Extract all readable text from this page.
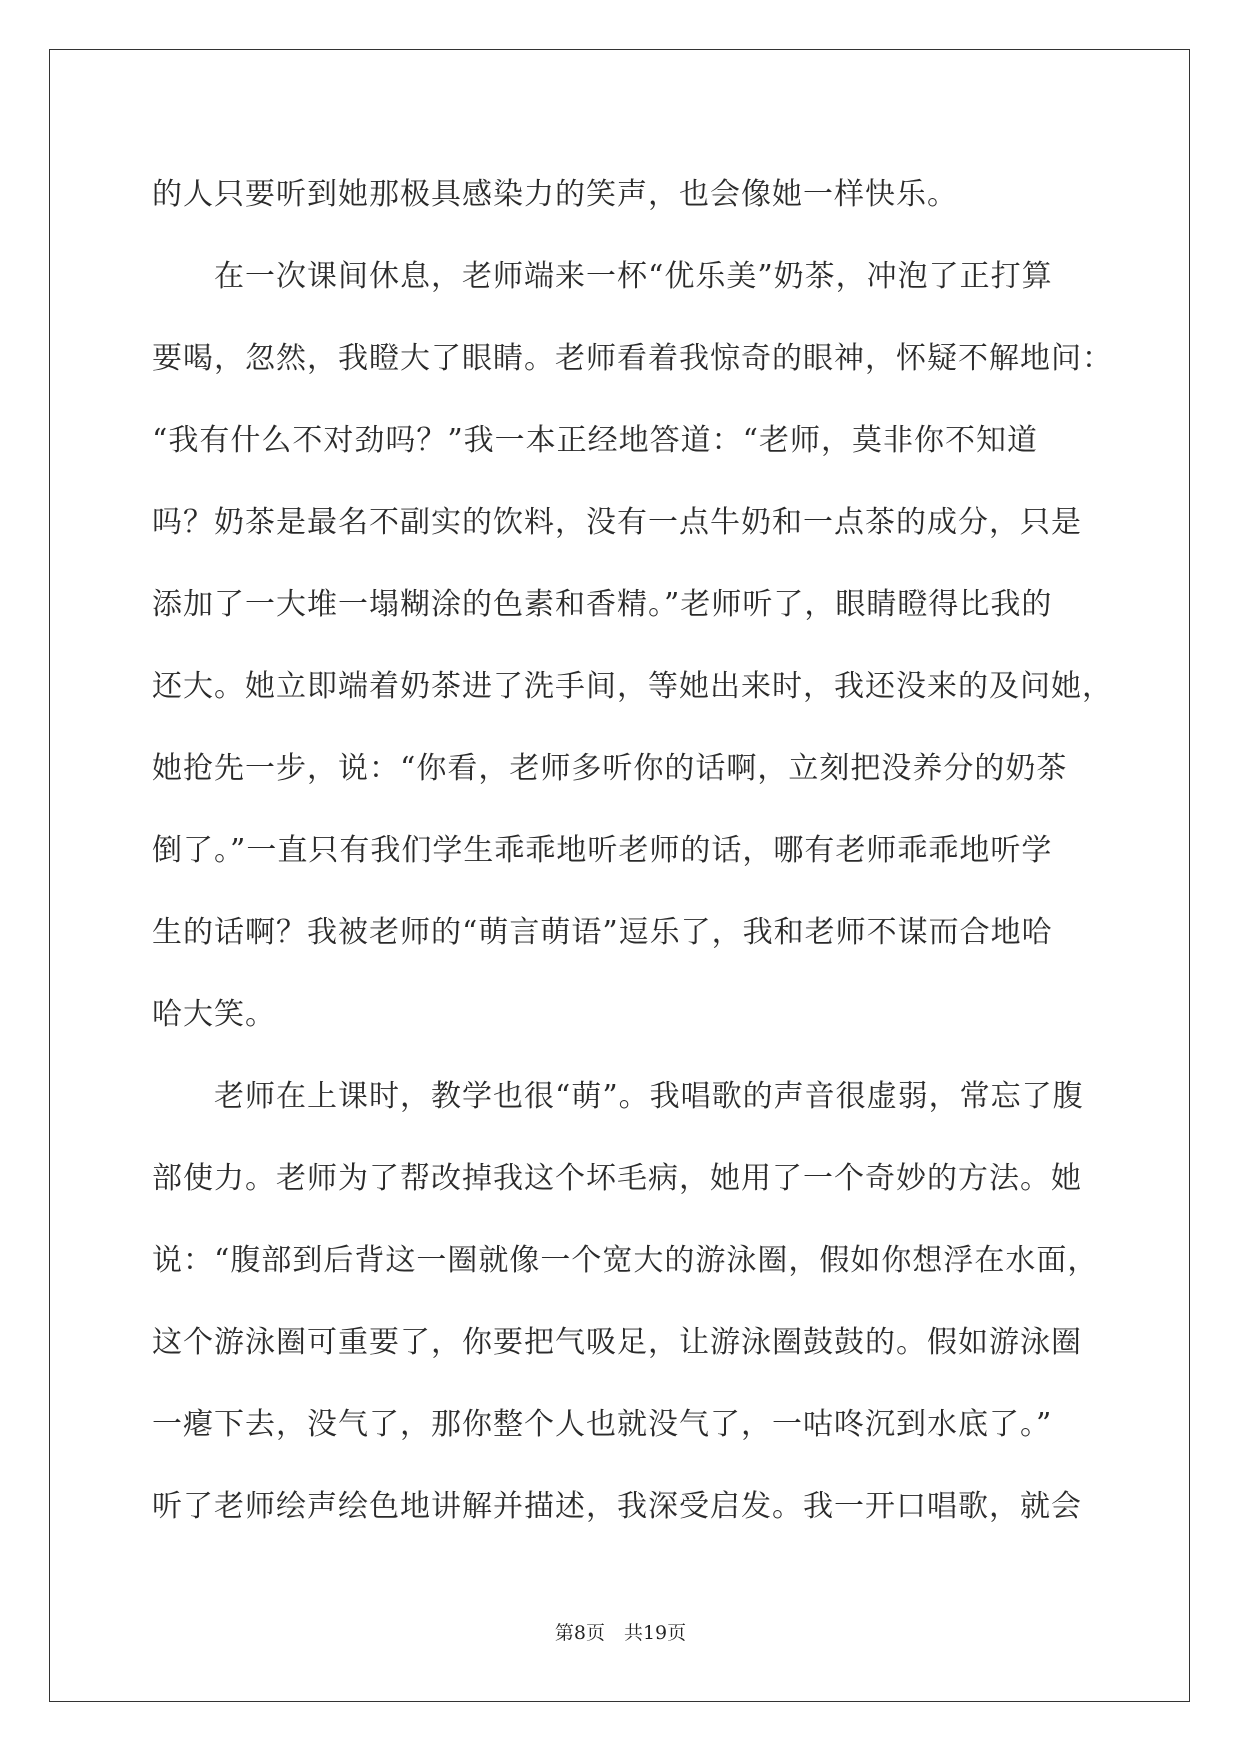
的人只要听到她那极具感染力的笑声，也会像她一样快乐。
在一次课间休息，老师端来一杯“优乐美”奶茶，冲泡了正打算
要喝，忽然，我瞪大了眼睛。老师看着我惊奇的眼神，怀疑不解地问：
“我有什么不对劲吗？”我一本正经地答道：“老师，莫非你不知道
吗？奶茶是最名不副实的饮料，没有一点牛奶和一点茶的成分，只是
添加了一大堆一塌糊涂的色素和香精。”老师听了，眼睛瞪得比我的
还大。她立即端着奶茶进了洗手间，等她出来时，我还没来的及问她，
她抢先一步，说：“你看，老师多听你的话啊，立刻把没养分的奶茶
倒了。”一直只有我们学生乖乖地听老师的话，哪有老师乖乖地听学
生的话啊？我被老师的“萌言萌语”逗乐了，我和老师不谋而合地哈
哈大笑。
老师在上课时，教学也很“萌”。我唱歌的声音很虚弱，常忘了腹
部使力。老师为了帮改掉我这个坏毛病，她用了一个奇妙的方法。她
说：“腹部到后背这一圈就像一个宽大的游泳圈，假如你想浮在水面，
这个游泳圈可重要了，你要把气吸足，让游泳圈鼓鼓的。假如游泳圈
一瘪下去，没气了，那你整个人也就没气了，一咕咚沉到水底了。”
听了老师绘声绘色地讲解并描述，我深受启发。我一开口唱歌，就会
第8页　共19页
